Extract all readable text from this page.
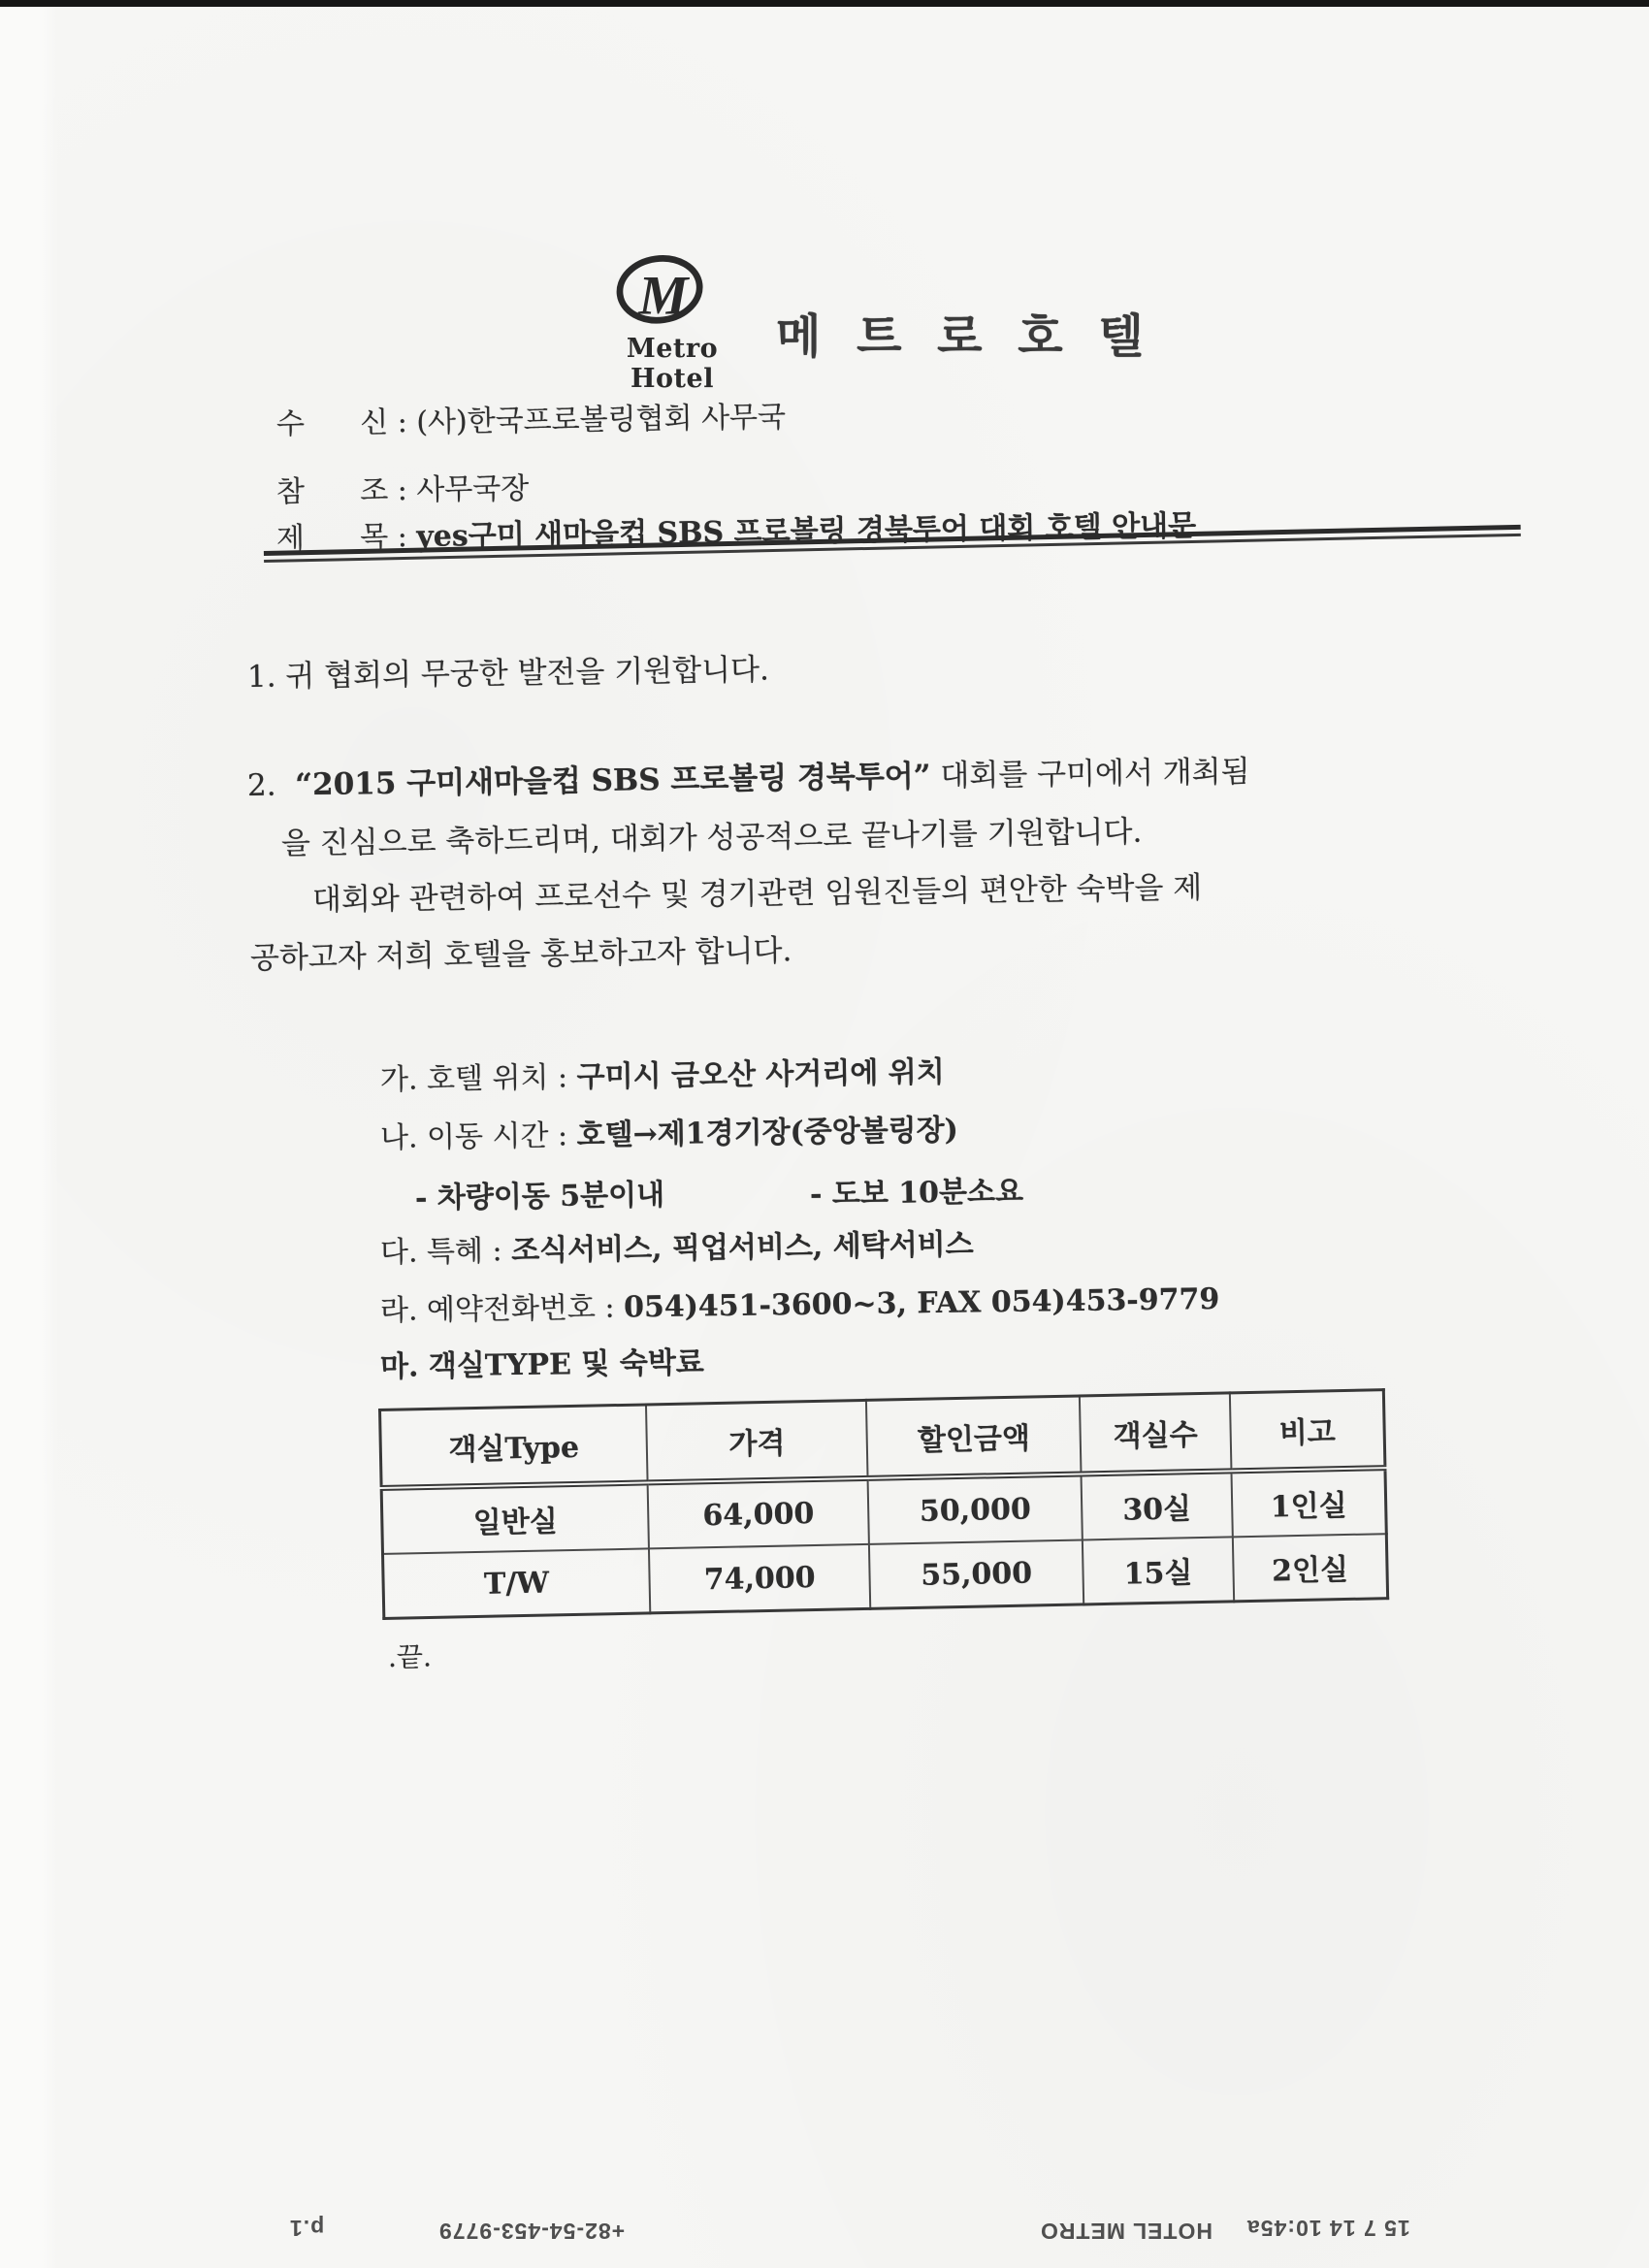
M
Metro Hotel
메 트 로 호 텔
수      신 : (사)한국프로볼링협회 사무국
참      조 : 사무국장
제      목 : yes구미 새마을컵 SBS 프로볼링 경북투어 대회 호텔 안내문
1. 귀 협회의 무궁한 발전을 기원합니다.
2.  “2015 구미새마을컵 SBS 프로볼링 경북투어” 대회를 구미에서 개최됨
을 진심으로 축하드리며, 대회가 성공적으로 끝나기를 기원합니다.
대회와 관련하여 프로선수 및 경기관련 임원진들의 편안한 숙박을 제
공하고자 저희 호텔을 홍보하고자 합니다.
가. 호텔 위치 : 구미시 금오산 사거리에 위치
나. 이동 시간 : 호텔→제1경기장(중앙볼링장)
- 차량이동 5분이내	- 도보 10분소요
다. 특혜 : 조식서비스, 픽업서비스, 세탁서비스
라. 예약전화번호 : 054)451-3600~3, FAX 054)453-9779
마. 객실TYPE 및 숙박료
객실Type	가격	할인금액	객실수	비고
일반실	64,000	50,000	30실	1인실
T/W	74,000	55,000	15실	2인실
.끝.
p.1	+82-54-453-9779	HOTEL METRO 15 7 14 10:45a
